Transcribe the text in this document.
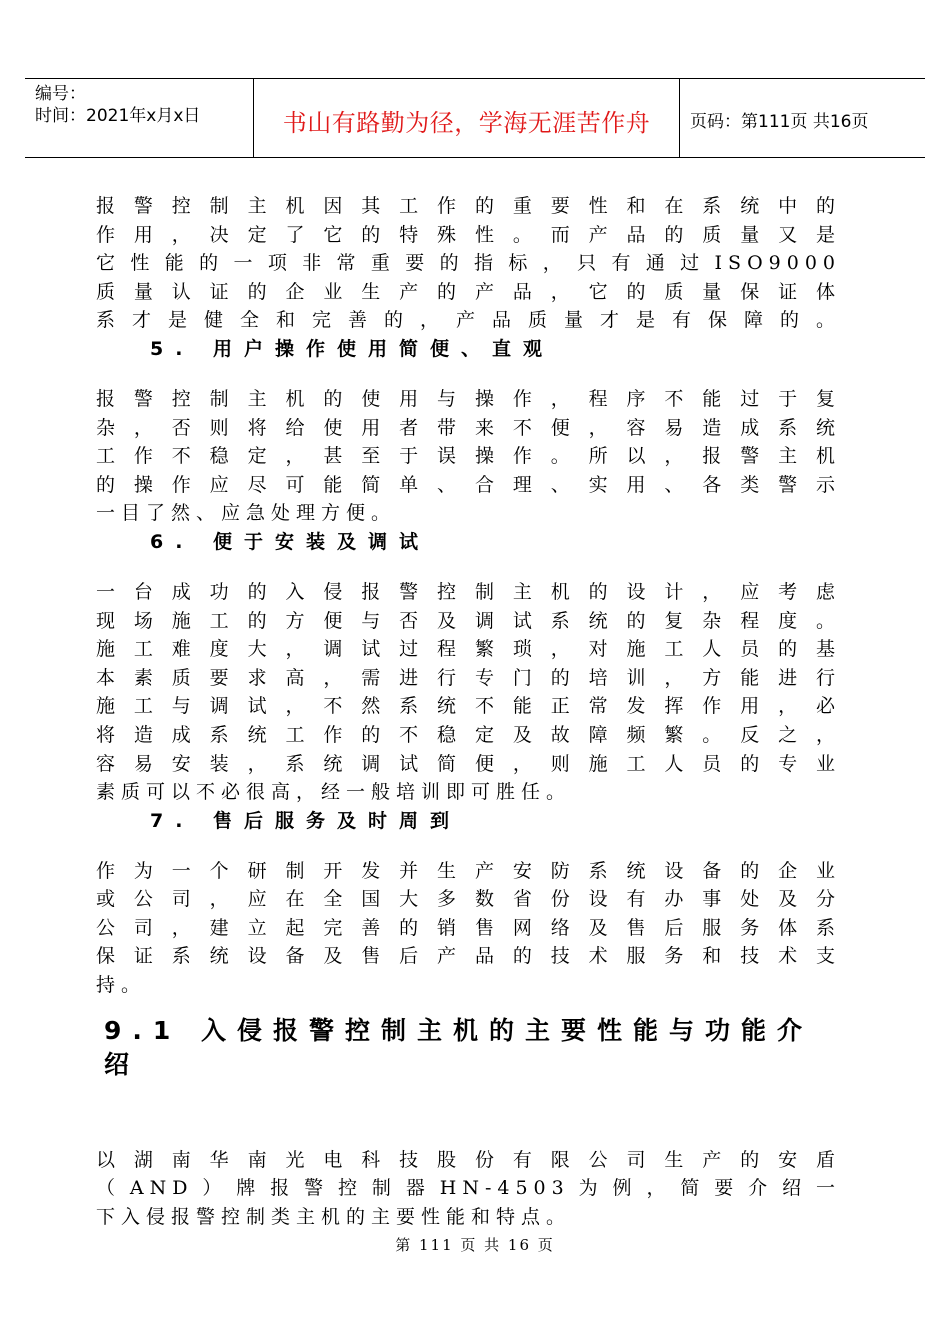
编号：
时间：2021年x月x日	书山有路勤为径，学海无涯苦作舟	页码：第111页 共16页

报警控制主机因其工作的重要性和在系统中的
作用，决定了它的特殊性。而产品的质量又是
它性能的一项非常重要的指标，只有通过ISO9000
质量认证的企业生产的产品，它的质量保证体
系才是健全和完善的，产品质量才是有保障的。

5. 用户操作使用简便、直观

报警控制主机的使用与操作，程序不能过于复
杂，否则将给使用者带来不便，容易造成系统
工作不稳定，甚至于误操作。所以，报警主机
的操作应尽可能简单、合理、实用、各类警示
一目了然、应急处理方便。

6. 便于安装及调试

一台成功的入侵报警控制主机的设计，应考虑
现场施工的方便与否及调试系统的复杂程度。
施工难度大，调试过程繁琐，对施工人员的基
本素质要求高，需进行专门的培训，方能进行
施工与调试，不然系统不能正常发挥作用，必
将造成系统工作的不稳定及故障频繁。反之，
容易安装，系统调试简便，则施工人员的专业
素质可以不必很高，经一般培训即可胜任。

7. 售后服务及时周到

作为一个研制开发并生产安防系统设备的企业
或公司，应在全国大多数省份设有办事处及分
公司，建立起完善的销售网络及售后服务体系
保证系统设备及售后产品的技术服务和技术支
持。

9.1 入侵报警控制主机的主要性能与功能介绍

以湖南华南光电科技股份有限公司生产的安盾
（AND）牌报警控制器HN-4503为例，简要介绍一
下入侵报警控制类主机的主要性能和特点。

第 111 页 共 16 页
